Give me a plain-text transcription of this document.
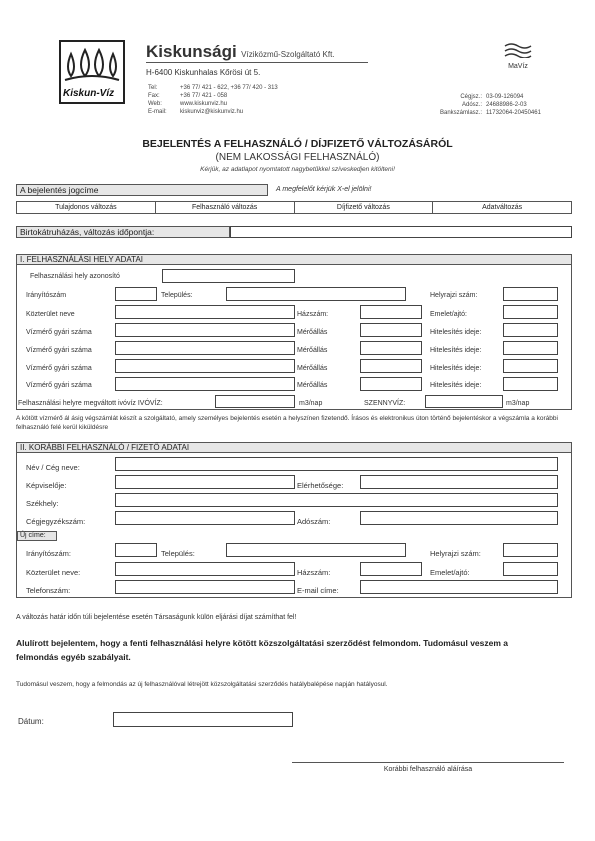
Kiskun-Víz
Kiskunsági Víziközmű-Szolgáltató Kft.
H-6400 Kiskunhalas Kőrösi út 5.
Tel:	+36 77/ 421 - 622, +36 77/ 420 - 313
Fax:	+36 77/ 421 - 058
Web:	www.kiskunviz.hu
E-mail: kiskunviz@kiskunviz.hu
MaVíz
Cégjsz.: 03-09-126094
Adósz.: 24688986-2-03
Bankszámlasz.: 11732064-20450461
BEJELENTÉS A FELHASZNÁLÓ / DÍJFIZETŐ VÁLTOZÁSÁRÓL
(NEM LAKOSSÁGI FELHASZNÁLÓ)
Kérjük, az adatlapot nyomtatott nagybetűkkel szíveskedjen kitölteni!
A bejelentés jogcíme	A megfelelőt kérjük X-el jelölni!
Tulajdonos változás	Felhasználó változás	Díjfizető változás	Adatváltozás
Birtokátruházás, változás időpontja:
I. FELHASZNÁLÁSI HELY ADATAI
Felhasználási hely azonosító
Irányítószám	Település:	Helyrajzi szám:
Közterület neve	Házszám:	Emelet/ajtó:
Vízmérő gyári száma	Mérőállás	Hitelesítés ideje:
Vízmérő gyári száma	Mérőállás	Hitelesítés ideje:
Vízmérő gyári száma	Mérőállás	Hitelesítés ideje:
Vízmérő gyári száma	Mérőállás	Hitelesítés ideje:
Felhasználási helyre megváltott ivóvíz IVÓVÍZ:	m3/nap	SZENNYVÍZ:	m3/nap
A kötött vízmérő ál ásig végszámlát készít a szolgáltató, amely személyes bejelentés esetén a helyszínen fizetendő. Írásos és elektronikus úton történő bejelentéskor a végszámla a korábbi felhasználó felé kerül kiküldésre
II. KORÁBBI FELHASZNÁLÓ / FIZETŐ ADATAI
Név / Cég neve:
Képviselője:	Elérhetősége:
Székhely:
Cégjegyzékszám:	Adószám:
Új címe:
Irányítószám:	Település:	Helyrajzi szám:
Közterület neve:	Házszám:	Emelet/ajtó:
Telefonszám:	E-mail címe:
A változás határ időn túli bejelentése esetén Társaságunk külön eljárási díjat számíthat fel!
Alulírott bejelentem, hogy a fenti felhasználási helyre kötött közszolgáltatási szerződést felmondom. Tudomásul veszem a felmondás egyéb szabályait.
Tudomásul veszem, hogy a felmondás az új felhasználóval létrejött közszolgáltatási szerződés hatálybalépése napján hatályosul.
Dátum:
Korábbi felhasználó aláírása
